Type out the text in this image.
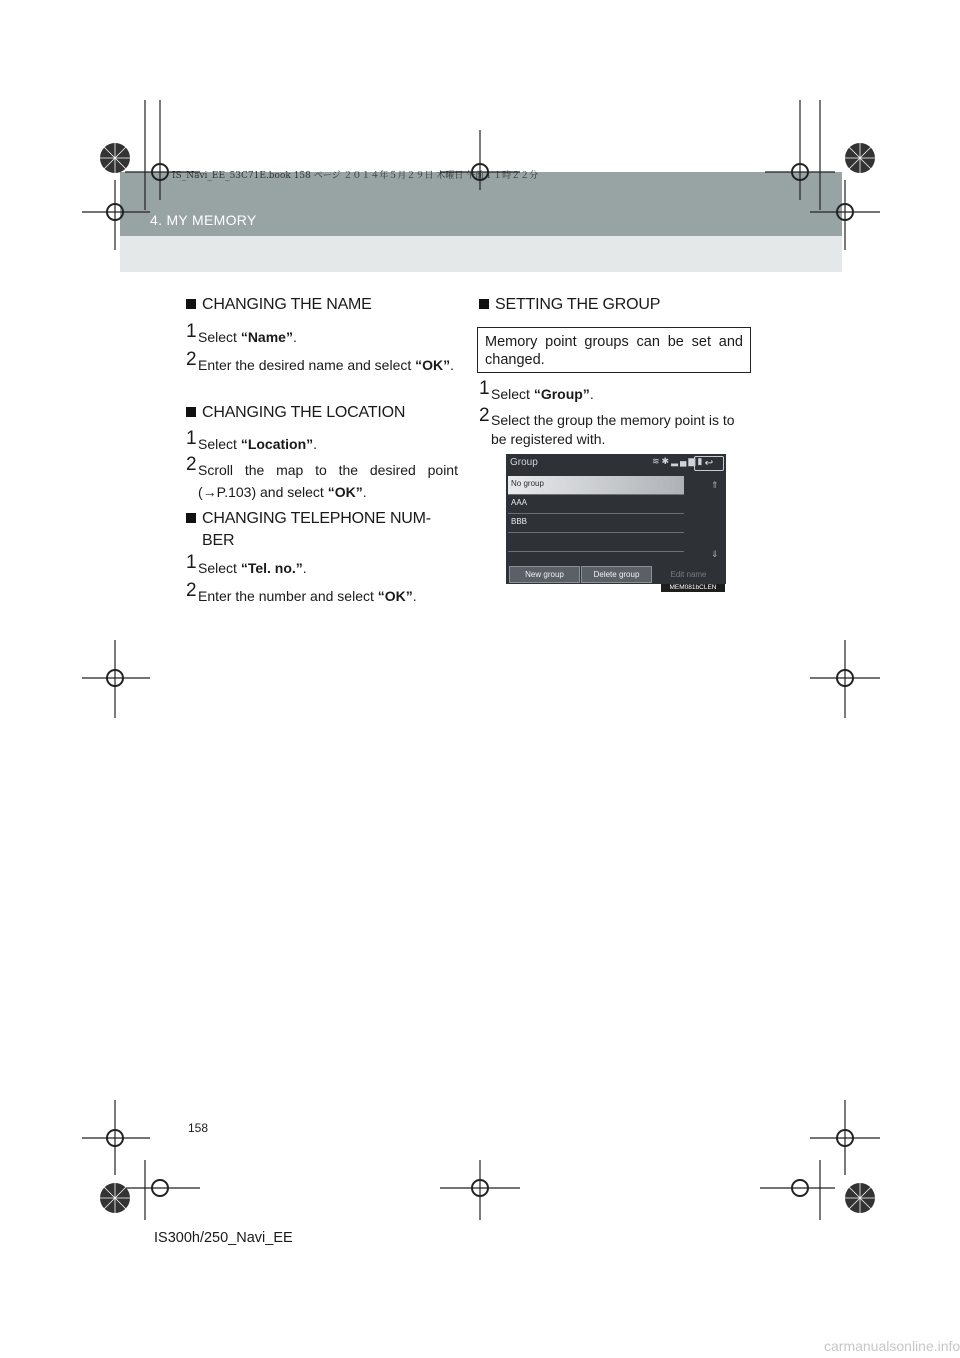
4. MY MEMORY
IS_Navi_EE_53C71E.book 158 ページ ２０１４年５月２９日 木曜日 午前１１時２２分
CHANGING THE NAME
1 Select “Name”.
2 Enter the desired name and select “OK”.
CHANGING THE LOCATION
1 Select “Location”.
2 Scroll the map to the desired point (→P.103) and select “OK”.
CHANGING TELEPHONE NUM-
BER
1 Select “Tel. no.”.
2 Enter the number and select “OK”.
SETTING THE GROUP
Memory point groups can be set and changed.
1 Select “Group”.
2 Select the group the memory point is to be registered with.
Group	≋✱▂▄▆▮ ↩
No group
AAA
BBB
⇑
⇓
New group	Delete group	Edit name
MEM081bCLEN
158
IS300h/250_Navi_EE
carmanualsonline.info
